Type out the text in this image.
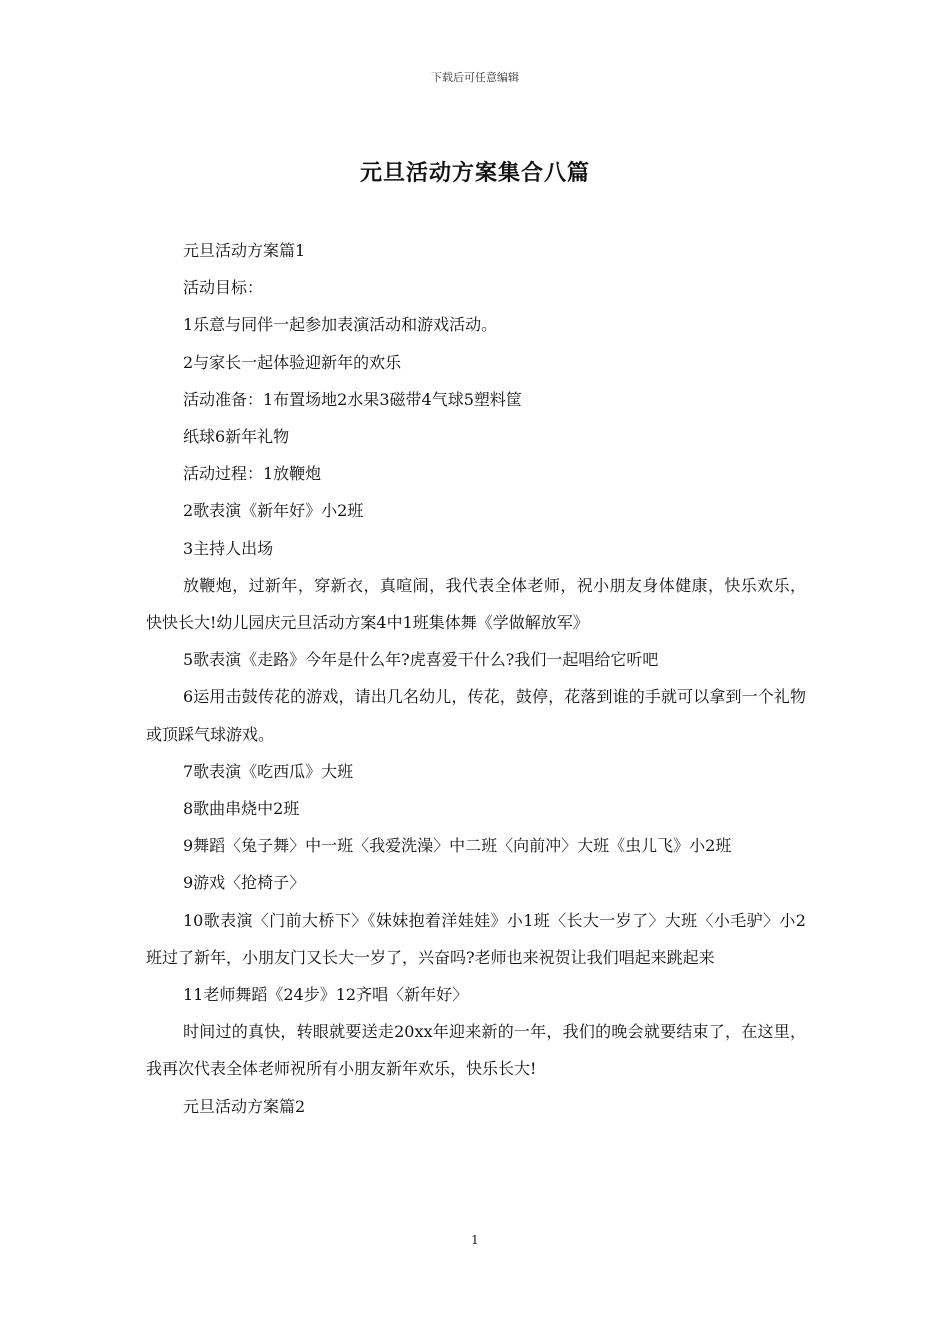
下载后可任意编辑
元旦活动方案集合八篇

元旦活动方案篇1

活动目标：

1乐意与同伴一起参加表演活动和游戏活动。

2与家长一起体验迎新年的欢乐

活动准备：1布置场地2水果3磁带4气球5塑料筐

纸球6新年礼物

活动过程：1放鞭炮

2歌表演《新年好》小2班

3主持人出场

放鞭炮，过新年，穿新衣，真喧闹，我代表全体老师，祝小朋友身体健康，快乐欢乐，快快长大!幼儿园庆元旦活动方案4中1班集体舞《学做解放军》

5歌表演《走路》今年是什么年?虎喜爱干什么?我们一起唱给它听吧

6运用击鼓传花的游戏，请出几名幼儿，传花，鼓停，花落到谁的手就可以拿到一个礼物或顶踩气球游戏。

7歌表演《吃西瓜》大班

8歌曲串烧中2班

9舞蹈〈兔子舞〉中一班〈我爱洗澡〉中二班〈向前冲〉大班《虫儿飞》小2班

9游戏〈抢椅子〉

10歌表演〈门前大桥下〉《妹妹抱着洋娃娃》小1班〈长大一岁了〉大班〈小毛驴〉小2班过了新年，小朋友门又长大一岁了，兴奋吗?老师也来祝贺让我们唱起来跳起来

11老师舞蹈《24步》12齐唱〈新年好〉

时间过的真快，转眼就要送走20xx年迎来新的一年，我们的晚会就要结束了，在这里，我再次代表全体老师祝所有小朋友新年欢乐，快乐长大!

元旦活动方案篇2

1
